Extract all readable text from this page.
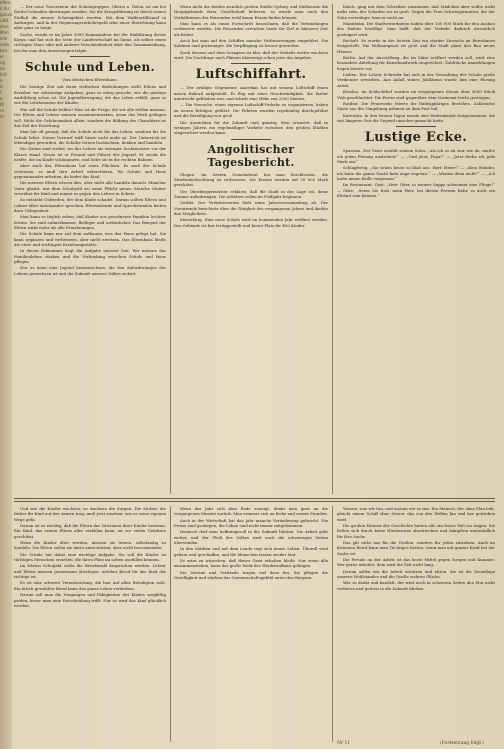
aften
n Bu
ganze
rüßt
eine
Mari
lehr
emb
ken
er
ag
en
lich
n
d
t
e
ßt
rn
er

— Der neue Gouverneur der Schutzgruppen, Oberst a. Delon, ist am bei Bordo-Coilanden übertragen worden. Sei die Kriegsführung ist durch seinen Einfluß die neuere Schutzgebiet worden. Mit dem Waffenstillstand in Auftragen, und in der Regierungsverkehrsgeld oder einer Einrichtung kann aber ganz so lange.

Sache, wurde er im Jahre 1909 Kommandeur bei der Einführung dieser Korps, und hat sich die Seite der Landwirtschaft im Sinne, als selber einen richtigen Sturz oder mit anderer Verschiedenheit über den Zusammenhang, bei der man den Anweisungen folgte.

Schule und Leben.
Vom deutschen Elternhaus.

Die heutige Zeit mit ihren vielfachen Bedrohungen stellt Eltern und Erzieher vor schwierige Aufgaben, ganz so eifrig gesucht, wie die geistige Ausbildung schon ist. Die Jugendbewegung, die das Leben erfüllt, ganz so wie die Lehrbeamten der Kinder.

Wie soll die Schule helfen? Hier ist die Frage, die wir alle stellen müssen. Die Eltern und Lehrer müssen zusammenwirken, wenn das Werk gelingen soll. Nicht die Gelehrsamkeit allein, sondern die Bildung des Charakters ist das Ziel der Erziehung.

Man hat oft gesagt, daß die Schule nicht für das Leben, sondern für die Schule lehre. Dieser Vorwurf trifft heute nicht mehr zu. Der Unterricht ist lebendiger geworden, die Schüler lernen beobachten, denken und handeln.

Die Zeiten sind vorbei, wo der Lehrer als strenger Zuchtmeister vor der Klasse stand. Heute ist er Freund und Führer der Jugend. Er weckt die Kräfte, die im Kinde schlummern, und leitet sie in die rechten Bahnen.

Aber auch das Elternhaus hat seine Pflichten. Es muß der Schule vertrauen, es muß ihre Arbeit unterstützen. Wo Schule und Haus gegeneinander arbeiten, da leidet das Kind.

Die meisten Eltern wissen dies, aber nicht alle handeln danach. Mancher Vater glaubt, mit dem Schulgeld sei seine Pflicht getan. Manche Mutter verwöhnt ihr Kind und nimmt es gegen den Lehrer in Schutz.

So entsteht Unfrieden, der dem Kinde schadet. Darum sollten Eltern und Lehrer öfter miteinander sprechen. Elternabende und Sprechstunden bieten dazu Gelegenheit.

Man kann es täglich sehen, daß Kinder aus geordneten Familien leichter lernen. Sie sind aufmerksamer, fleißiger und ordentlicher. Das Beispiel der Eltern wirkt mehr als alle Ermahnungen.

Die Schule kann nur auf dem aufbauen, was das Haus gelegt hat. Sie kann ergänzen und verbessern, aber nicht ersetzen. Das Elternhaus bleibt die erste und wichtigste Erziehungsstätte.

In dieser Erkenntnis liegt die Aufgabe unserer Zeit. Wir müssen das Familienleben stärken und die Verbindung zwischen Schule und Haus pflegen.

Nur so kann eine Jugend heranwachsen, die den Anforderungen des Lebens gewachsen ist und die Zukunft unseres Volkes sichert.

Wenn nicht die beiden ziemlich großen Städte Sydney und Melbourne die Hauptgebäude ihrer Gesellschaft lieferten, so würde man nach den Verhältnissen der Reisenden wohl kaum Ersatz finden können.

Man kann es als einen Fortschritt bezeichnen, daß die Verbindungen verbessert wurden. Die Reisenden erreichen heute ihr Ziel in kürzerer Zeit als früher.

Auch hat man auf den Schiffen manche Verbesserungen eingeführt. Die Kabinen sind geräumiger, die Verpflegung ist besser geworden.

Nach diesem und dem Gesagten ist klar, daß der Verkehr weiter wachsen wird. Die Nachfrage nach Plätzen übersteigt schon jetzt das Angebot.

Luftschiffahrt.

— Der erfolgte Gegensturz Amerikas hat mit seinem Luftschiff einen neuen Rekord aufgestellt. Er flog mit einer Geschwindigkeit, die bisher unerreicht geblieben war, und erhielt eine Höhe von 2000 Metern.

— Die Versuche, einen eigenen Luftschiff-Verkehr zu organisieren, haben zu neuen Erfolgen geführt. Die Fahrten wurden regelmäßig durchgeführt und die Beteiligung war groß.

Die Aussichten für die Zukunft sind günstig. Man erwartet, daß in wenigen Jahren ein regelmäßiger Verkehr zwischen den großen Städten eingerichtet werden kann.

Angolitischer Tagesbericht.

Glogau. Im letzten Gemeinderat hat man beschlossen, die Straßenbeleuchtung zu verbessern. Die Kosten werden auf 30 000 Mark geschätzt.

Der Oberbürgermeister erklärte, daß die Stadt in der Lage sei, diese Summe aufzubringen. Die Arbeiten sollen im Frühjahr beginnen.

Görlitz. Der Verkehrsverein hielt seine Jahresversammlung ab. Der Vorsitzende berichtete über die Tätigkeit des vergangenen Jahres und dankte den Mitgliedern.

Merseburg. Eine neue Schule wird im kommenden Jahr eröffnet werden. Das Gebäude ist fast fertiggestellt und bietet Platz für 400 Kinder.

falsch, ging mit dem Schreiber zusammen, daß Mädchen aber wollte nicht mehr sein, der Schaden sei zu groß. Gegen die Frau Schwiegermutter, die der Sohn verteidigte, kam er nicht an.

Mannheim. Die Stadtverordneten haben über 100 000 Mark für den Ausbau des Hafens bewilligt. Man hofft, daß der Verkehr dadurch wesentlich gesteigert wird.

Bocholt. Es wurde in der letzten Zeit ein starker Zuwachs an Bewohnern festgestellt. Die Wohnungsnot ist groß und die Stadt plant den Bau neuer Häuser.

Berlin. Auf der Ausstellung, die im März eröffnet werden soll, wird eine besondere Abteilung für Kunsthandwerk eingerichtet. Zahlreiche Anmeldungen liegen bereits vor.

Lieben. Der Lehrer Schröder hat sich in der Verwaltung der Schule große Verdienste erworben. Aus Anlaß seines Jubiläums wurde ihm eine Ehrung zuteil.

Breslau. Im Schlachthof wurden im vergangenen Monat über 3000 Stück Vieh geschlachtet. Die Preise sind gegenüber dem Vormonat leicht gestiegen.

Ratibor. Die Feuerwehr feierte ihr fünfzigjähriges Bestehen. Zahlreiche Gäste aus der Umgebung nahmen an dem Fest teil.

Kattowitz. In den letzten Tagen wurde eine Diebesbande festgenommen, die seit längerer Zeit die Gegend unsicher gemacht hatte.

Lustige Ecke.

Sparsam. Der Vater erzählt seinem Sohn: „Als ich so alt war wie du, mußte ich jeden Pfennig umdrehen!“ — „Und jetzt, Papa?“ — „Jetzt drehe ich jede Mark um!“

Schlagfertig. „Sie sehen heute so blaß aus, Herr Meier!“ — „Kein Wunder, ich habe die ganze Nacht kein Auge zugetan.“ — „Warum denn nicht?“ — „Ich hatte meine Brille vergessen.“

Im Restaurant. Gast: „Herr Ober, in meiner Suppe schwimmt eine Fliege!“ — Ober: „Seien Sie froh, mein Herr, bei diesen Preisen hätte es auch ein Elefant sein können.“

Und wie die Kinder wachsen, so wachsen die Sorgen. Die Mutter, die früher ihr Kind auf den Armen trug, muß jetzt zusehen, wie es seine eigenen Wege geht.

Darum ist es wichtig, daß die Eltern das Vertrauen ihrer Kinder besitzen. Ein Kind, das seinen Eltern alles erzählen kann, ist vor vielen Gefahren geschützt.

Wenn die Kinder älter werden, müssen sie lernen, selbständig zu handeln. Die Eltern sollen sie darin unterstützen, aber nicht bevormunden.

Die Schule hat dabei eine wichtige Aufgabe. Sie soll die Kinder zu tüchtigen Menschen erziehen, die ihren Platz im Leben ausfüllen können.

Im letzten Schuljahr sollte die Berufswahl besprochen werden. Lehrer und Eltern müssen gemeinsam überlegen, welcher Beruf für das Kind der richtige ist.

Es ist eine schwere Verantwortung, die hier auf allen Beteiligten ruht. Ein falsch gewählter Beruf kann das ganze Leben verderben.

Darum soll man die Neigungen und Fähigkeiten des Kindes sorgfältig prüfen, bevor man eine Entscheidung trifft. Nur so wird das Kind glücklich werden.

Wenn das Jahr sich dem Ende zuneigt, denkt man gern an die vergangenen Monate zurück. Man erinnert sich an frohe und ernste Stunden.

Auch in der Wirtschaft hat das Jahr manche Veränderung gebracht. Die Preise sind gestiegen, die Löhne sind nicht immer mitgekommen.

Dennoch darf man hoffnungsvoll in die Zukunft blicken. Die Arbeit geht weiter, und der Fleiß des Volkes wird auch die schwierigen Zeiten überwinden.

In den Städten und auf dem Lande regt sich neues Leben. Überall wird gebaut und geschaffen, und die Menschen fassen wieder Mut.

Es wäre zu wünschen, daß dieser Geist erhalten bleibt. Nur wenn alle zusammenstehen, kann das große Werk des Wiederaufbaus gelingen.

Die Vereine und Verbände tragen viel dazu bei. Sie pflegen die Geselligkeit und stärken das Gemeinschaftsgefühl unter den Bürgern.

Wissen, was wir tun, und warum wir es tun. Ein Mensch, der ohne Plan lebt, gleicht einem Schiff ohne Steuer, das von den Wellen hin und her getrieben wird.

Die großen Männer der Geschichte hatten alle ein festes Ziel vor Augen. Sie ließen sich durch keine Hindernisse abschrecken und kämpften unermüdlich für ihre Sache.

Das gilt nicht nur für die Großen, sondern für jeden einzelnen. Auch im kleinsten Beruf kann man Tüchtiges leisten, wenn man mit ganzer Kraft bei der Sache ist.

Die Freude an der Arbeit ist das beste Mittel gegen Sorgen und Kummer. Wer gerne arbeitet, dem wird die Zeit nicht lang.

Darum sollen wir die Arbeit schätzen und ehren. Sie ist die Grundlage unseres Wohlstandes und die Quelle wahren Glücks.

Wer so denkt und handelt, der wird auch in schweren Zeiten den Mut nicht verlieren und getrost in die Zukunft blicken.

Nr 11	(Fortsetzung folgt.)
